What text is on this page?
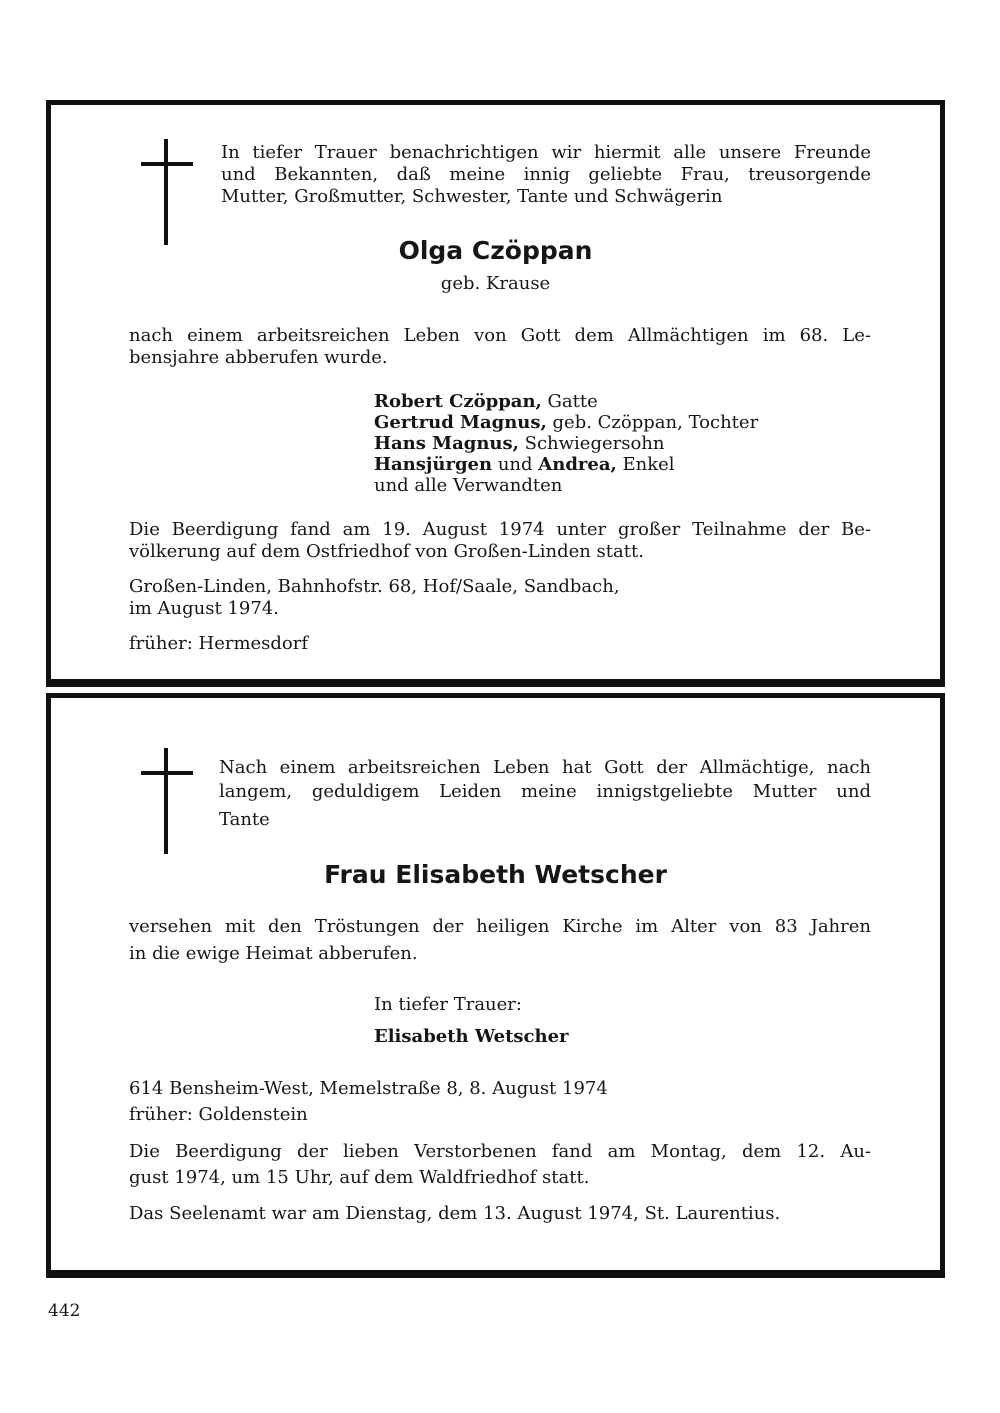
In tiefer Trauer benachrichtigen wir hiermit alle unsere Freunde

und Bekannten, daß meine innig geliebte Frau, treusorgende

Mutter, Großmutter, Schwester, Tante und Schwägerin

Olga Czöppan
geb. Krause

nach einem arbeitsreichen Leben von Gott dem Allmächtigen im 68. Le-

bensjahre abberufen wurde.

Robert Czöppan, Gatte

Gertrud Magnus, geb. Czöppan, Tochter

Hans Magnus, Schwiegersohn

Hansjürgen und Andrea, Enkel

und alle Verwandten

Die Beerdigung fand am 19. August 1974 unter großer Teilnahme der Be-

völkerung auf dem Ostfriedhof von Großen-Linden statt.

Großen-Linden, Bahnhofstr. 68, Hof/Saale, Sandbach,

im August 1974.

früher: Hermesdorf

Nach einem arbeitsreichen Leben hat Gott der Allmächtige, nach

langem, geduldigem Leiden meine innigstgeliebte Mutter und

Tante

Frau Elisabeth Wetscher

versehen mit den Tröstungen der heiligen Kirche im Alter von 83 Jahren

in die ewige Heimat abberufen.

In tiefer Trauer:

Elisabeth Wetscher

614 Bensheim-West, Memelstraße 8, 8. August 1974

früher: Goldenstein

Die Beerdigung der lieben Verstorbenen fand am Montag, dem 12. Au-

gust 1974, um 15 Uhr, auf dem Waldfriedhof statt.

Das Seelenamt war am Dienstag, dem 13. August 1974, St. Laurentius.

442
